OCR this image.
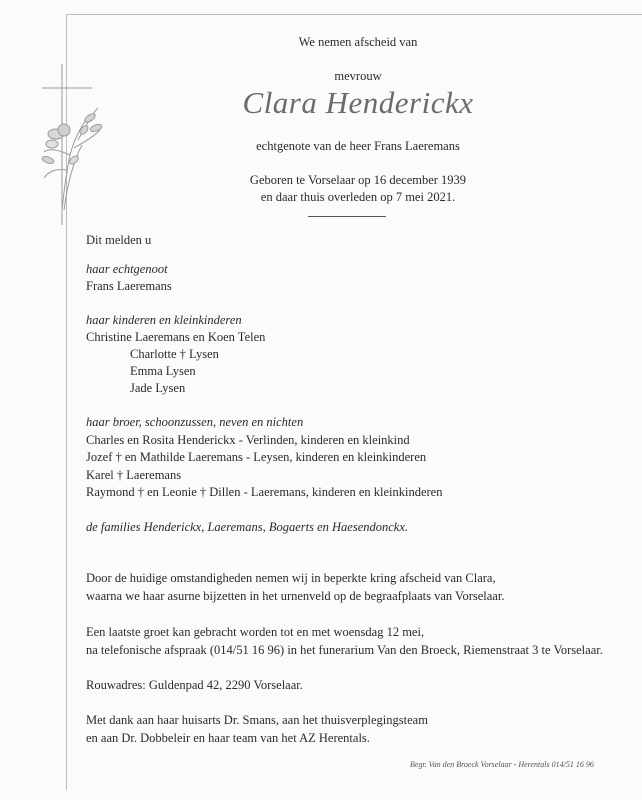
We nemen afscheid van
mevrouw
Clara Henderickx
echtgenote van de heer Frans Laeremans
Geboren te Vorselaar op 16 december 1939
en daar thuis overleden op 7 mei 2021.
Dit melden u
haar echtgenoot
Frans Laeremans
haar kinderen en kleinkinderen
Christine Laeremans en Koen Telen
Charlotte † Lysen
Emma Lysen
Jade Lysen
haar broer, schoonzussen, neven en nichten
Charles en Rosita Henderickx - Verlinden, kinderen en kleinkind
Jozef † en Mathilde Laeremans - Leysen, kinderen en kleinkinderen
Karel † Laeremans
Raymond † en Leonie † Dillen - Laeremans, kinderen en kleinkinderen
de families Henderickx, Laeremans, Bogaerts en Haesendonckx.
Door de huidige omstandigheden nemen wij in beperkte kring afscheid van Clara,
waarna we haar asurne bijzetten in het urnenveld op de begraafplaats van Vorselaar.
Een laatste groet kan gebracht worden tot en met woensdag 12 mei,
na telefonische afspraak (014/51 16 96) in het funerarium Van den Broeck, Riemenstraat 3 te Vorselaar.
Rouwadres: Guldenpad 42, 2290 Vorselaar.
Met dank aan haar huisarts Dr. Smans, aan het thuisverplegingsteam
en aan Dr. Dobbeleir en haar team van het AZ Herentals.
Begr. Van den Broeck Vorselaar - Herentals 014/51 16 96
